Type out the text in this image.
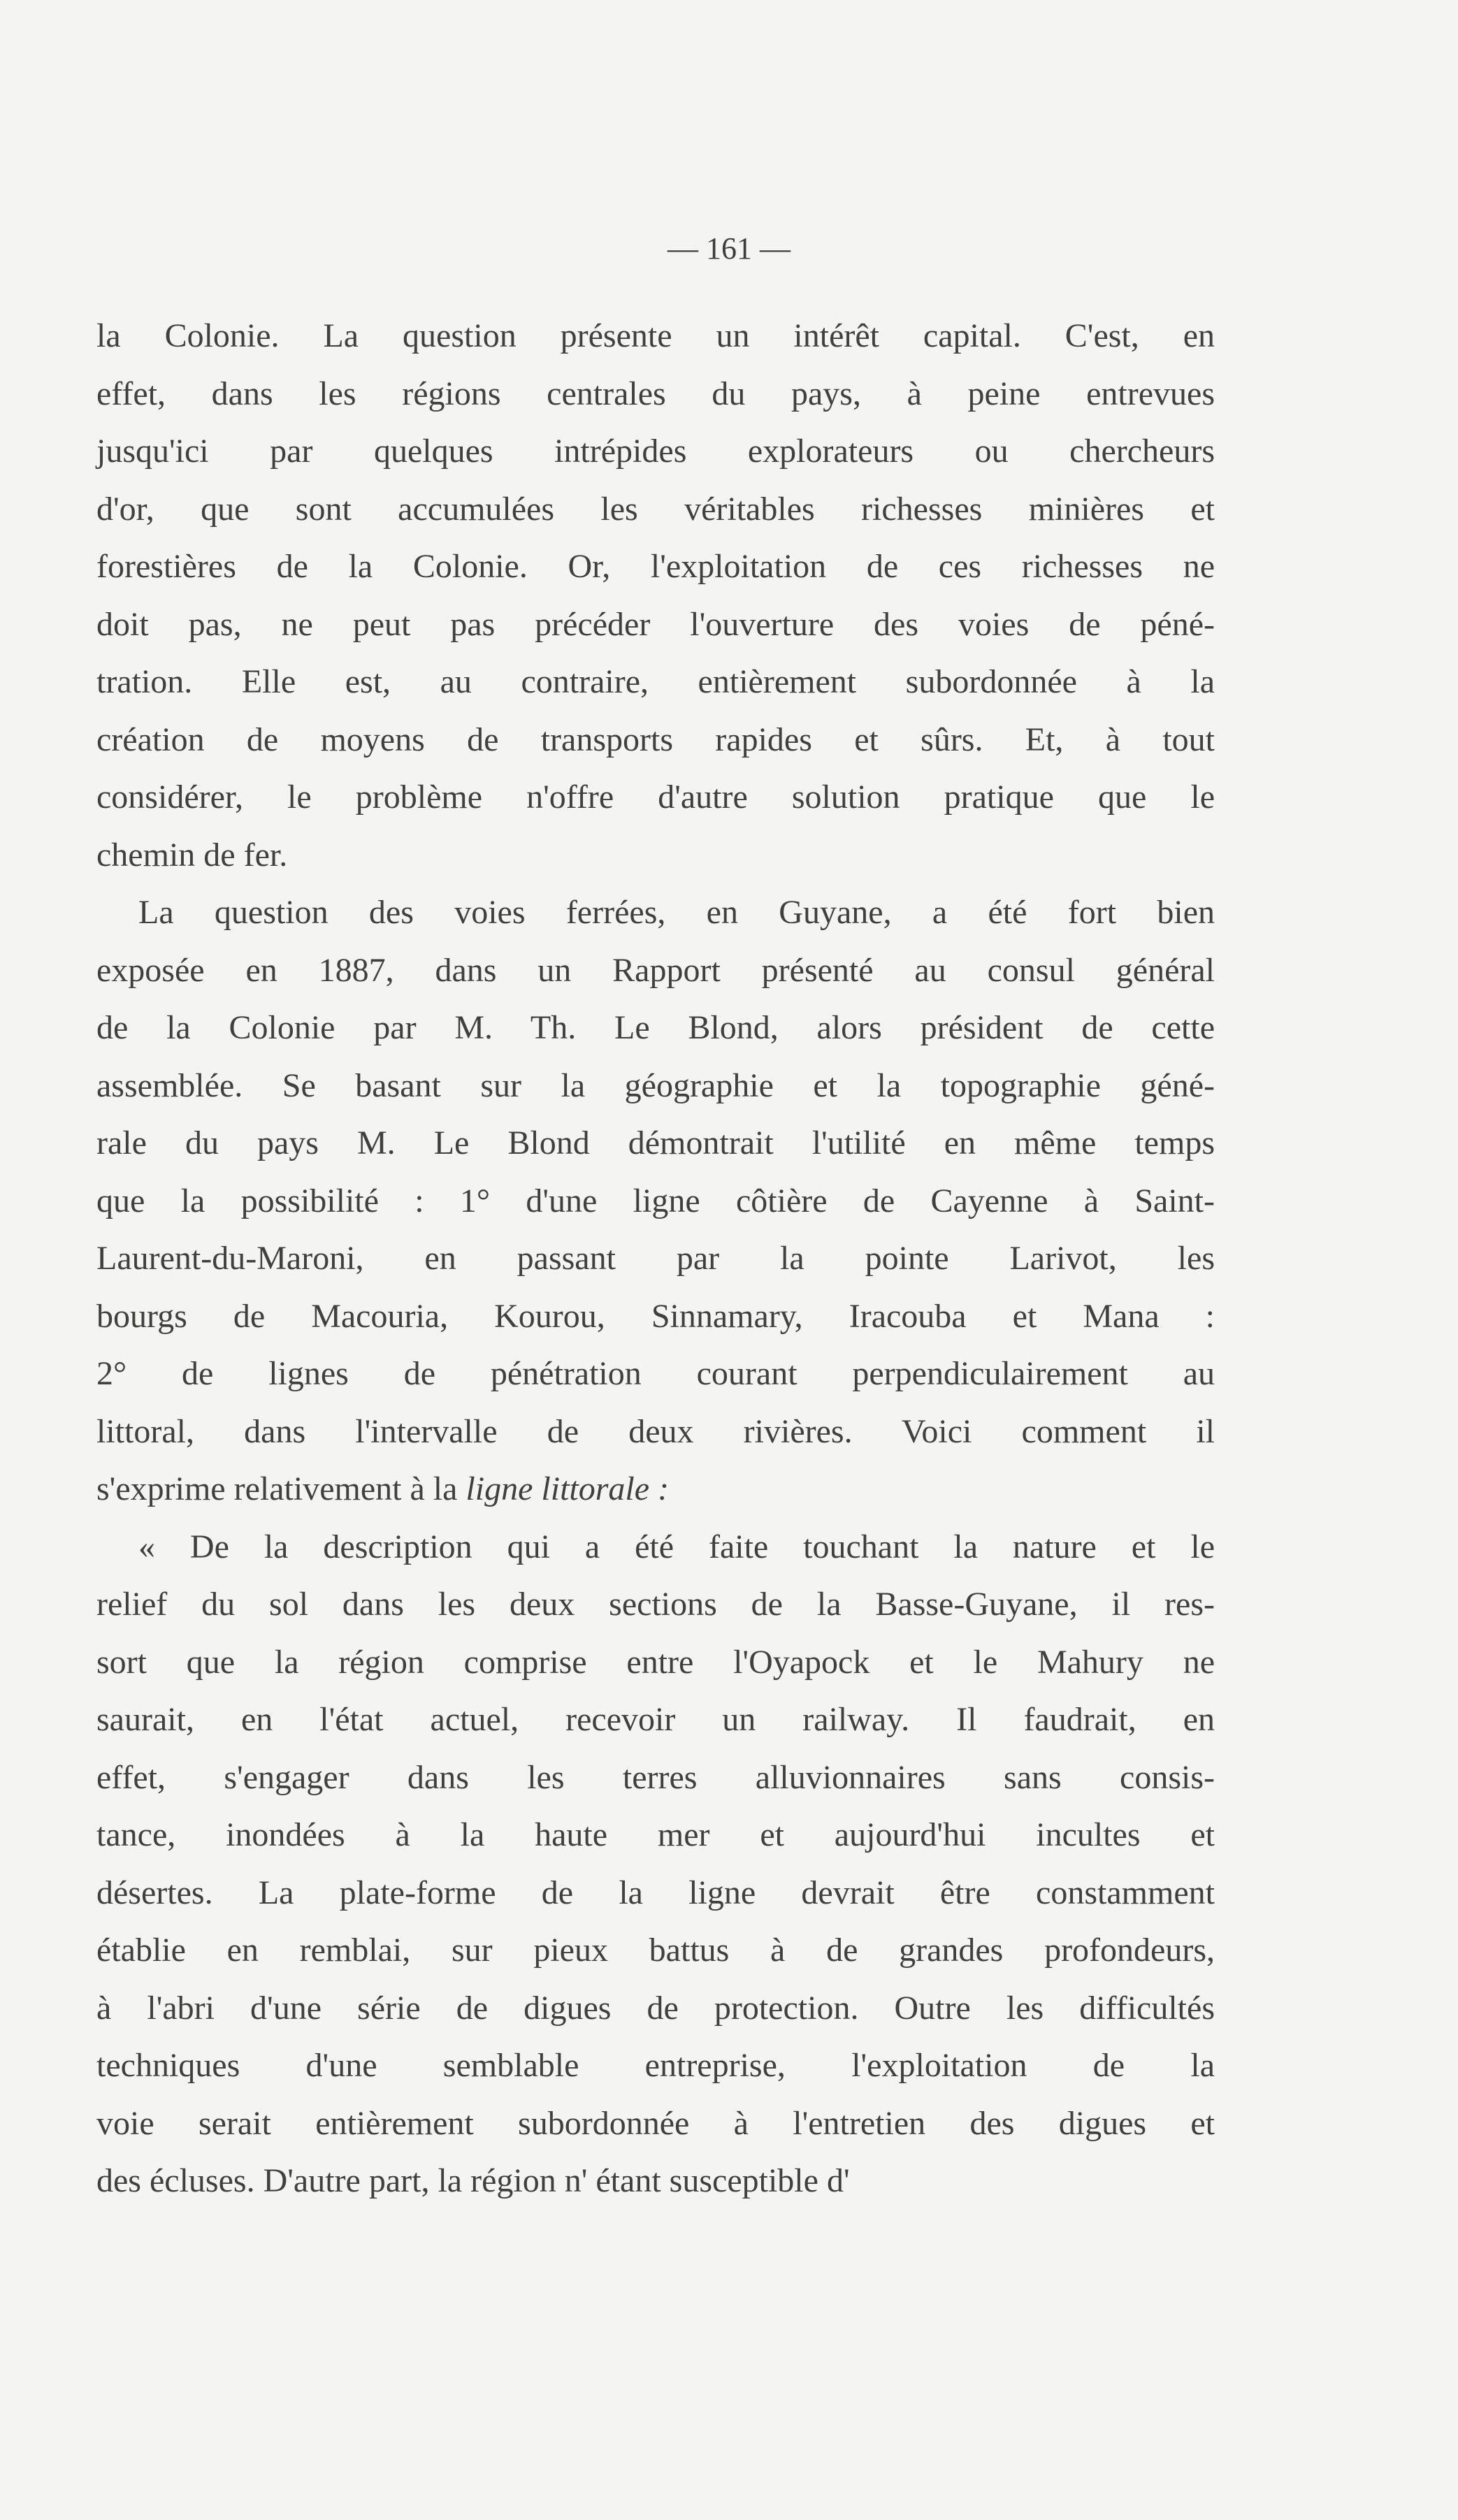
— 161 —
la Colonie. La question présente un intérêt capital. C'est, en
effet, dans les régions centrales du pays, à peine entrevues
jusqu'ici par quelques intrépides explorateurs ou chercheurs
d'or, que sont accumulées les véritables richesses minières et
forestières de la Colonie. Or, l'exploitation de ces richesses ne
doit pas, ne peut pas précéder l'ouverture des voies de péné-
tration. Elle est, au contraire, entièrement subordonnée à la
création de moyens de transports rapides et sûrs. Et, à tout
considérer, le problème n'offre d'autre solution pratique que le
chemin de fer.
La question des voies ferrées, en Guyane, a été fort bien
exposée en 1887, dans un Rapport présenté au consul général
de la Colonie par M. Th. Le Blond, alors président de cette
assemblée. Se basant sur la géographie et la topographie géné-
rale du pays M. Le Blond démontrait l'utilité en même temps
que la possibilité : 1° d'une ligne côtière de Cayenne à Saint-
Laurent-du-Maroni, en passant par la pointe Larivot, les
bourgs de Macouria, Kourou, Sinnamary, Iracouba et Mana :
2° de lignes de pénétration courant perpendiculairement au
littoral, dans l'intervalle de deux rivières. Voici comment il
s'exprime relativement à la ligne littorale :
« De la description qui a été faite touchant la nature et le
relief du sol dans les deux sections de la Basse-Guyane, il res-
sort que la région comprise entre l'Oyapock et le Mahury ne
saurait, en l'état actuel, recevoir un railway. Il faudrait, en
effet, s'engager dans les terres alluvionnaires sans consis-
tance, inondées à la haute mer et aujourd'hui incultes et
désertes. La plate-forme de la ligne devrait être constamment
établie en remblai, sur pieux battus à de grandes profondeurs,
à l'abri d'une série de digues de protection. Outre les difficultés
techniques d'une semblable entreprise, l'exploitation de la
voie serait entièrement subordonnée à l'entretien des digues et
des écluses. D'autre part, la région n' étant susceptible d'
